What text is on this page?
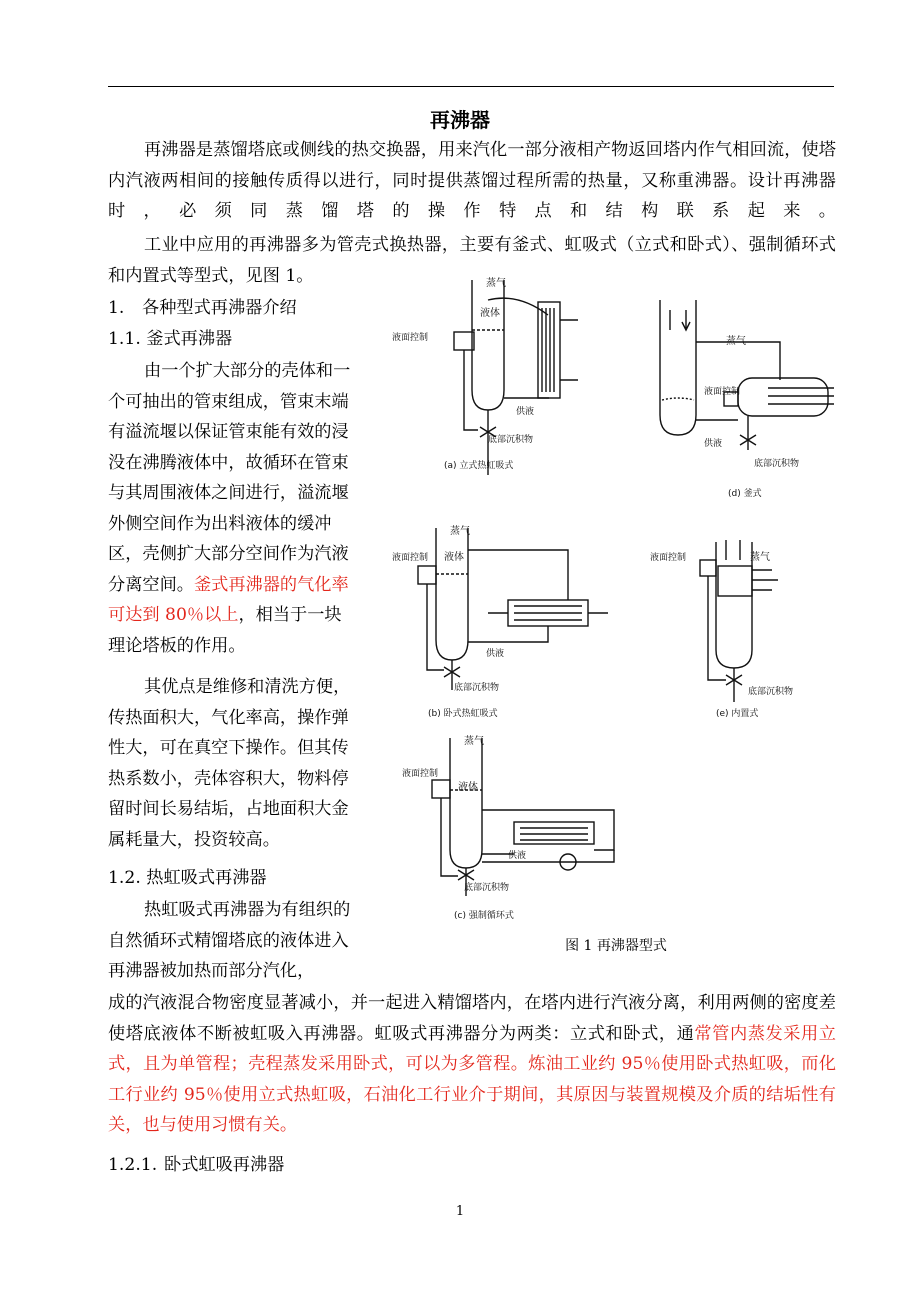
再沸器

再沸器是蒸馏塔底或侧线的热交换器，用来汽化一部分液相产物返回塔内作气相回流，使塔内汽液两相间的接触传质得以进行，同时提供蒸馏过程所需的热量，又称重沸器。设计再沸器时，必须同蒸馏塔的操作特点和结构联系起来。

工业中应用的再沸器多为管壳式换热器，主要有釜式、虹吸式（立式和卧式）、强制循环式和内置式等型式，见图 1。

1. 各种型式再沸器介绍
1.1. 釜式再沸器

由一个扩大部分的壳体和一个可抽出的管束组成，管束末端有溢流堰以保证管束能有效的浸没在沸腾液体中，故循环在管束与其周围液体之间进行，溢流堰外侧空间作为出料液体的缓冲区，壳侧扩大部分空间作为汽液分离空间。釜式再沸器的气化率可达到 80％以上，相当于一块理论塔板的作用。

其优点是维修和清洗方便，传热面积大，气化率高，操作弹性大，可在真空下操作。但其传热系数小，壳体容积大，物料停留时间长易结垢，占地面积大金属耗量大，投资较高。

1.2. 热虹吸式再沸器

热虹吸式再沸器为有组织的自然循环式精馏塔底的液体进入再沸器被加热而部分汽化，

成的汽液混合物密度显著减小，并一起进入精馏塔内，在塔内进行汽液分离，利用两侧的密度差使塔底液体不断被虹吸入再沸器。虹吸式再沸器分为两类：立式和卧式，通常管内蒸发采用立式，且为单管程；壳程蒸发采用卧式，可以为多管程。炼油工业约 95％使用卧式热虹吸，而化工行业约 95％使用立式热虹吸，石油化工行业介于期间，其原因与装置规模及介质的结垢性有关，也与使用习惯有关。

1.2.1. 卧式虹吸再沸器
蒸气
液体
液面控制
供液
底部沉积物
(a) 立式热虹吸式
蒸气
液面控制
供液
底部沉积物
(d) 釜式
蒸气
液体
液面控制
供液
底部沉积物
(b) 卧式热虹吸式
蒸气
液面控制
底部沉积物
(e) 内置式
蒸气
液体
液面控制
供液
底部沉积物
(c) 强制循环式
图 1 再沸器型式
1
